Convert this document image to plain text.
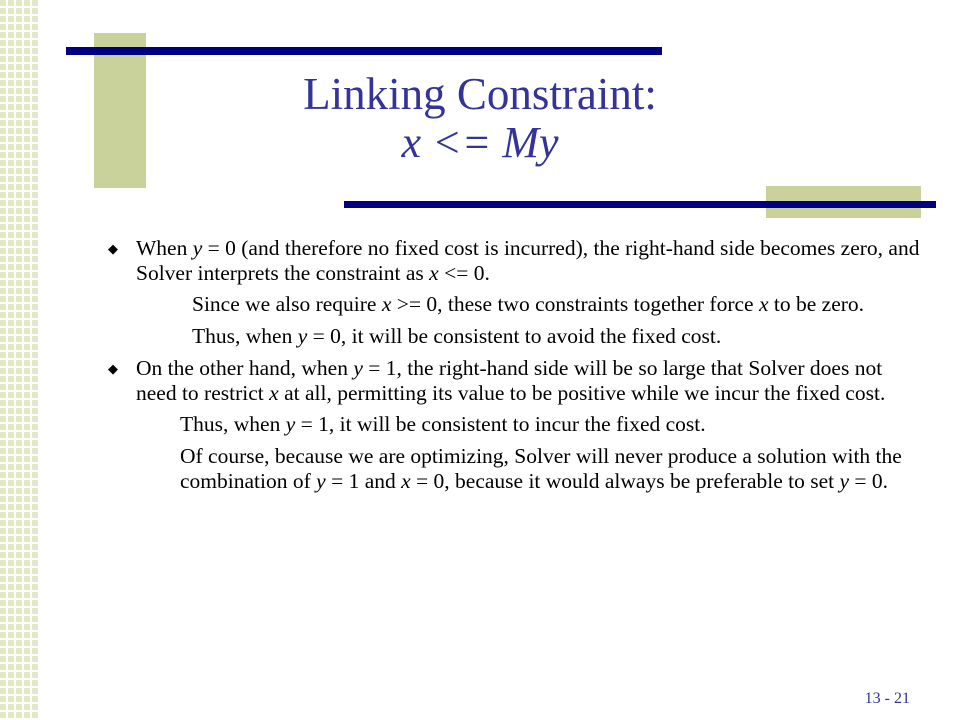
Linking Constraint:
x <= My
◆ When y = 0 (and therefore no fixed cost is incurred), the right-hand side becomes zero, and Solver interprets the constraint as x <= 0.
Since we also require x >= 0, these two constraints together force x to be zero.
Thus, when y = 0, it will be consistent to avoid the fixed cost.
◆ On the other hand, when y = 1, the right-hand side will be so large that Solver does not need to restrict x at all, permitting its value to be positive while we incur the fixed cost.
Thus, when y = 1, it will be consistent to incur the fixed cost.
Of course, because we are optimizing, Solver will never produce a solution with the combination of y = 1 and x = 0, because it would always be preferable to set y = 0.
13 - 21
